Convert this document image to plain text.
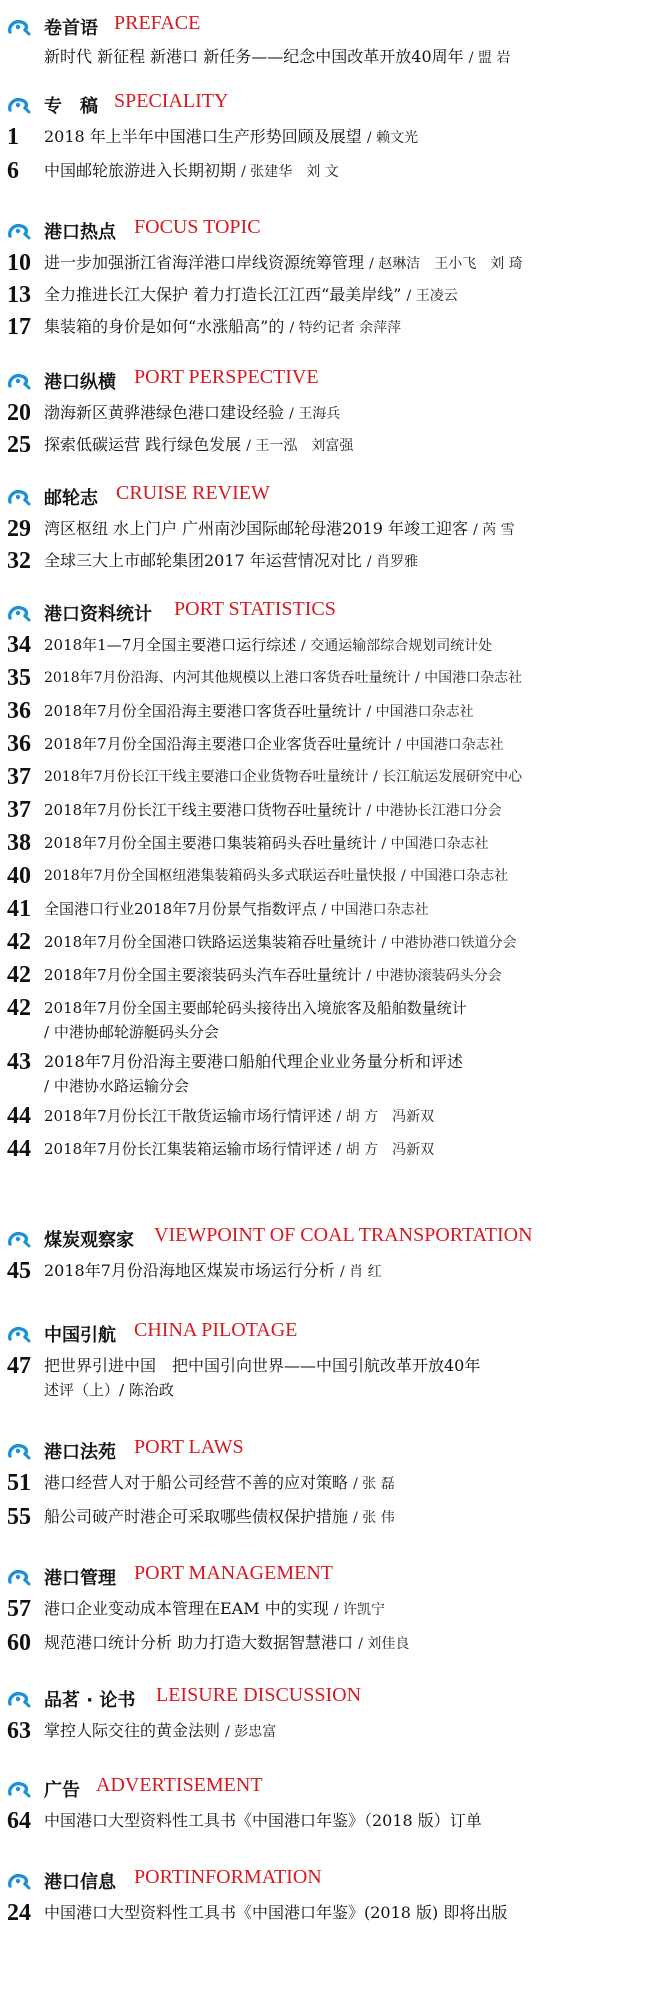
卷首语 PREFACE
新时代 新征程 新港口 新任务——纪念中国改革开放40周年 / 盟 岩
专　稿 SPECIALITY
1 2018 年上半年中国港口生产形势回顾及展望 / 赖文光
6 中国邮轮旅游进入长期初期 / 张建华　刘 文
港口热点 FOCUS TOPIC
10 进一步加强浙江省海洋港口岸线资源统筹管理 / 赵琳洁　王小飞　刘 琦
13 全力推进长江大保护 着力打造长江江西“最美岸线” / 王凌云
17 集装箱的身价是如何“水涨船高”的 / 特约记者 余萍萍
港口纵横 PORT PERSPECTIVE
20 渤海新区黄骅港绿色港口建设经验 / 王海兵
25 探索低碳运营 践行绿色发展 / 王一泓　刘富强
邮轮志 CRUISE REVIEW
29 湾区枢纽 水上门户 广州南沙国际邮轮母港2019 年竣工迎客 / 芮 雪
32 全球三大上市邮轮集团2017 年运营情况对比 / 肖罗雅
港口资料统计 PORT STATISTICS
34 2018年1—7月全国主要港口运行综述 / 交通运输部综合规划司统计处
35 2018年7月份沿海、内河其他规模以上港口客货吞吐量统计 / 中国港口杂志社
36 2018年7月份全国沿海主要港口客货吞吐量统计 / 中国港口杂志社
36 2018年7月份全国沿海主要港口企业客货吞吐量统计 / 中国港口杂志社
37 2018年7月份长江干线主要港口企业货物吞吐量统计 / 长江航运发展研究中心
37 2018年7月份长江干线主要港口货物吞吐量统计 / 中港协长江港口分会
38 2018年7月份全国主要港口集装箱码头吞吐量统计 / 中国港口杂志社
40 2018年7月份全国枢纽港集装箱码头多式联运吞吐量快报 / 中国港口杂志社
41 全国港口行业2018年7月份景气指数评点 / 中国港口杂志社
42 2018年7月份全国港口铁路运送集装箱吞吐量统计 / 中港协港口铁道分会
42 2018年7月份全国主要滚装码头汽车吞吐量统计 / 中港协滚装码头分会
42 2018年7月份全国主要邮轮码头接待出入境旅客及船舶数量统计
/ 中港协邮轮游艇码头分会
43 2018年7月份沿海主要港口船舶代理企业业务量分析和评述
/ 中港协水路运输分会
44 2018年7月份长江干散货运输市场行情评述 / 胡 方　冯新双
44 2018年7月份长江集装箱运输市场行情评述 / 胡 方　冯新双
煤炭观察家 VIEWPOINT OF COAL TRANSPORTATION
45 2018年7月份沿海地区煤炭市场运行分析 / 肖 红
中国引航 CHINA PILOTAGE
47 把世界引进中国　把中国引向世界——中国引航改革开放40年
述评（上）/ 陈治政
港口法苑 PORT LAWS
51 港口经营人对于船公司经营不善的应对策略 / 张 磊
55 船公司破产时港企可采取哪些债权保护措施 / 张 伟
港口管理 PORT MANAGEMENT
57 港口企业变动成本管理在EAM 中的实现 / 许凯宁
60 规范港口统计分析 助力打造大数据智慧港口 / 刘佳良
品茗 · 论书 LEISURE DISCUSSION
63 掌控人际交往的黄金法则 / 彭忠富
广告 ADVERTISEMENT
64 中国港口大型资料性工具书《中国港口年鉴》（2018 版）订单
港口信息 PORTINFORMATION
24 中国港口大型资料性工具书《中国港口年鉴》(2018 版) 即将出版
